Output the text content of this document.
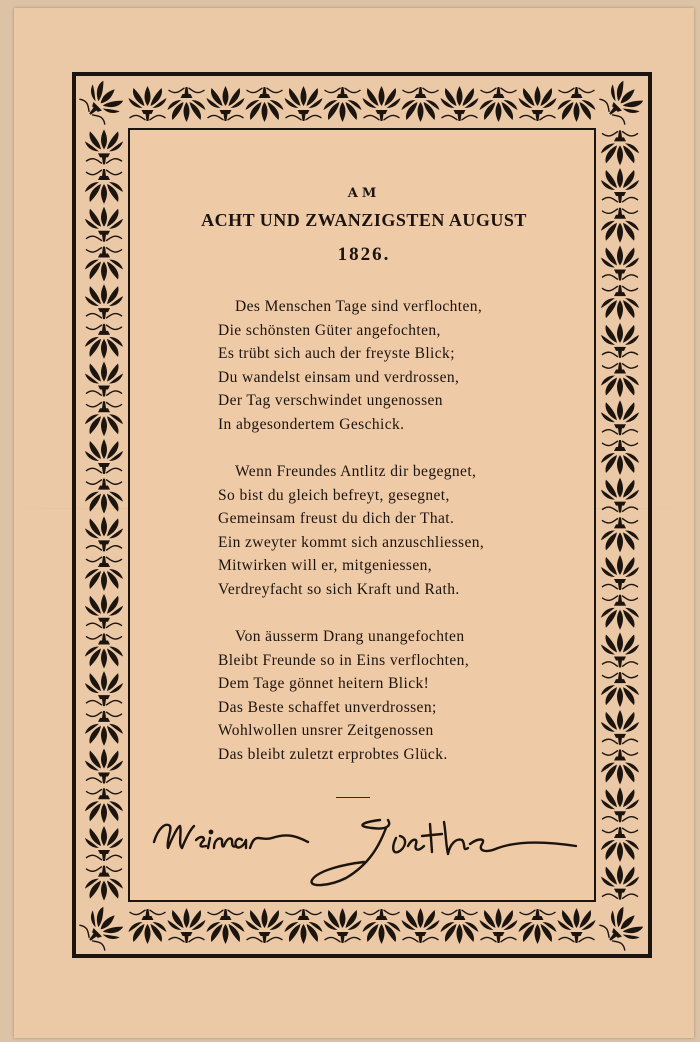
AM
ACHT UND ZWANZIGSTEN AUGUST
1826.
Des Menschen Tage sind verflochten,
Die schönsten Güter angefochten,
Es trübt sich auch der freyste Blick;
Du wandelst einsam und verdrossen,
Der Tag verschwindet ungenossen
In abgesondertem Geschick.
Wenn Freundes Antlitz dir begegnet,
So bist du gleich befreyt, gesegnet,
Gemeinsam freust du dich der That.
Ein zweyter kommt sich anzuschliessen,
Mitwirken will er, mitgeniessen,
Verdreyfacht so sich Kraft und Rath.
Von äusserm Drang unangefochten
Bleibt Freunde so in Eins verflochten,
Dem Tage gönnet heitern Blick!
Das Beste schaffet unverdrossen;
Wohlwollen unsrer Zeitgenossen
Das bleibt zuletzt erprobtes Glück.
